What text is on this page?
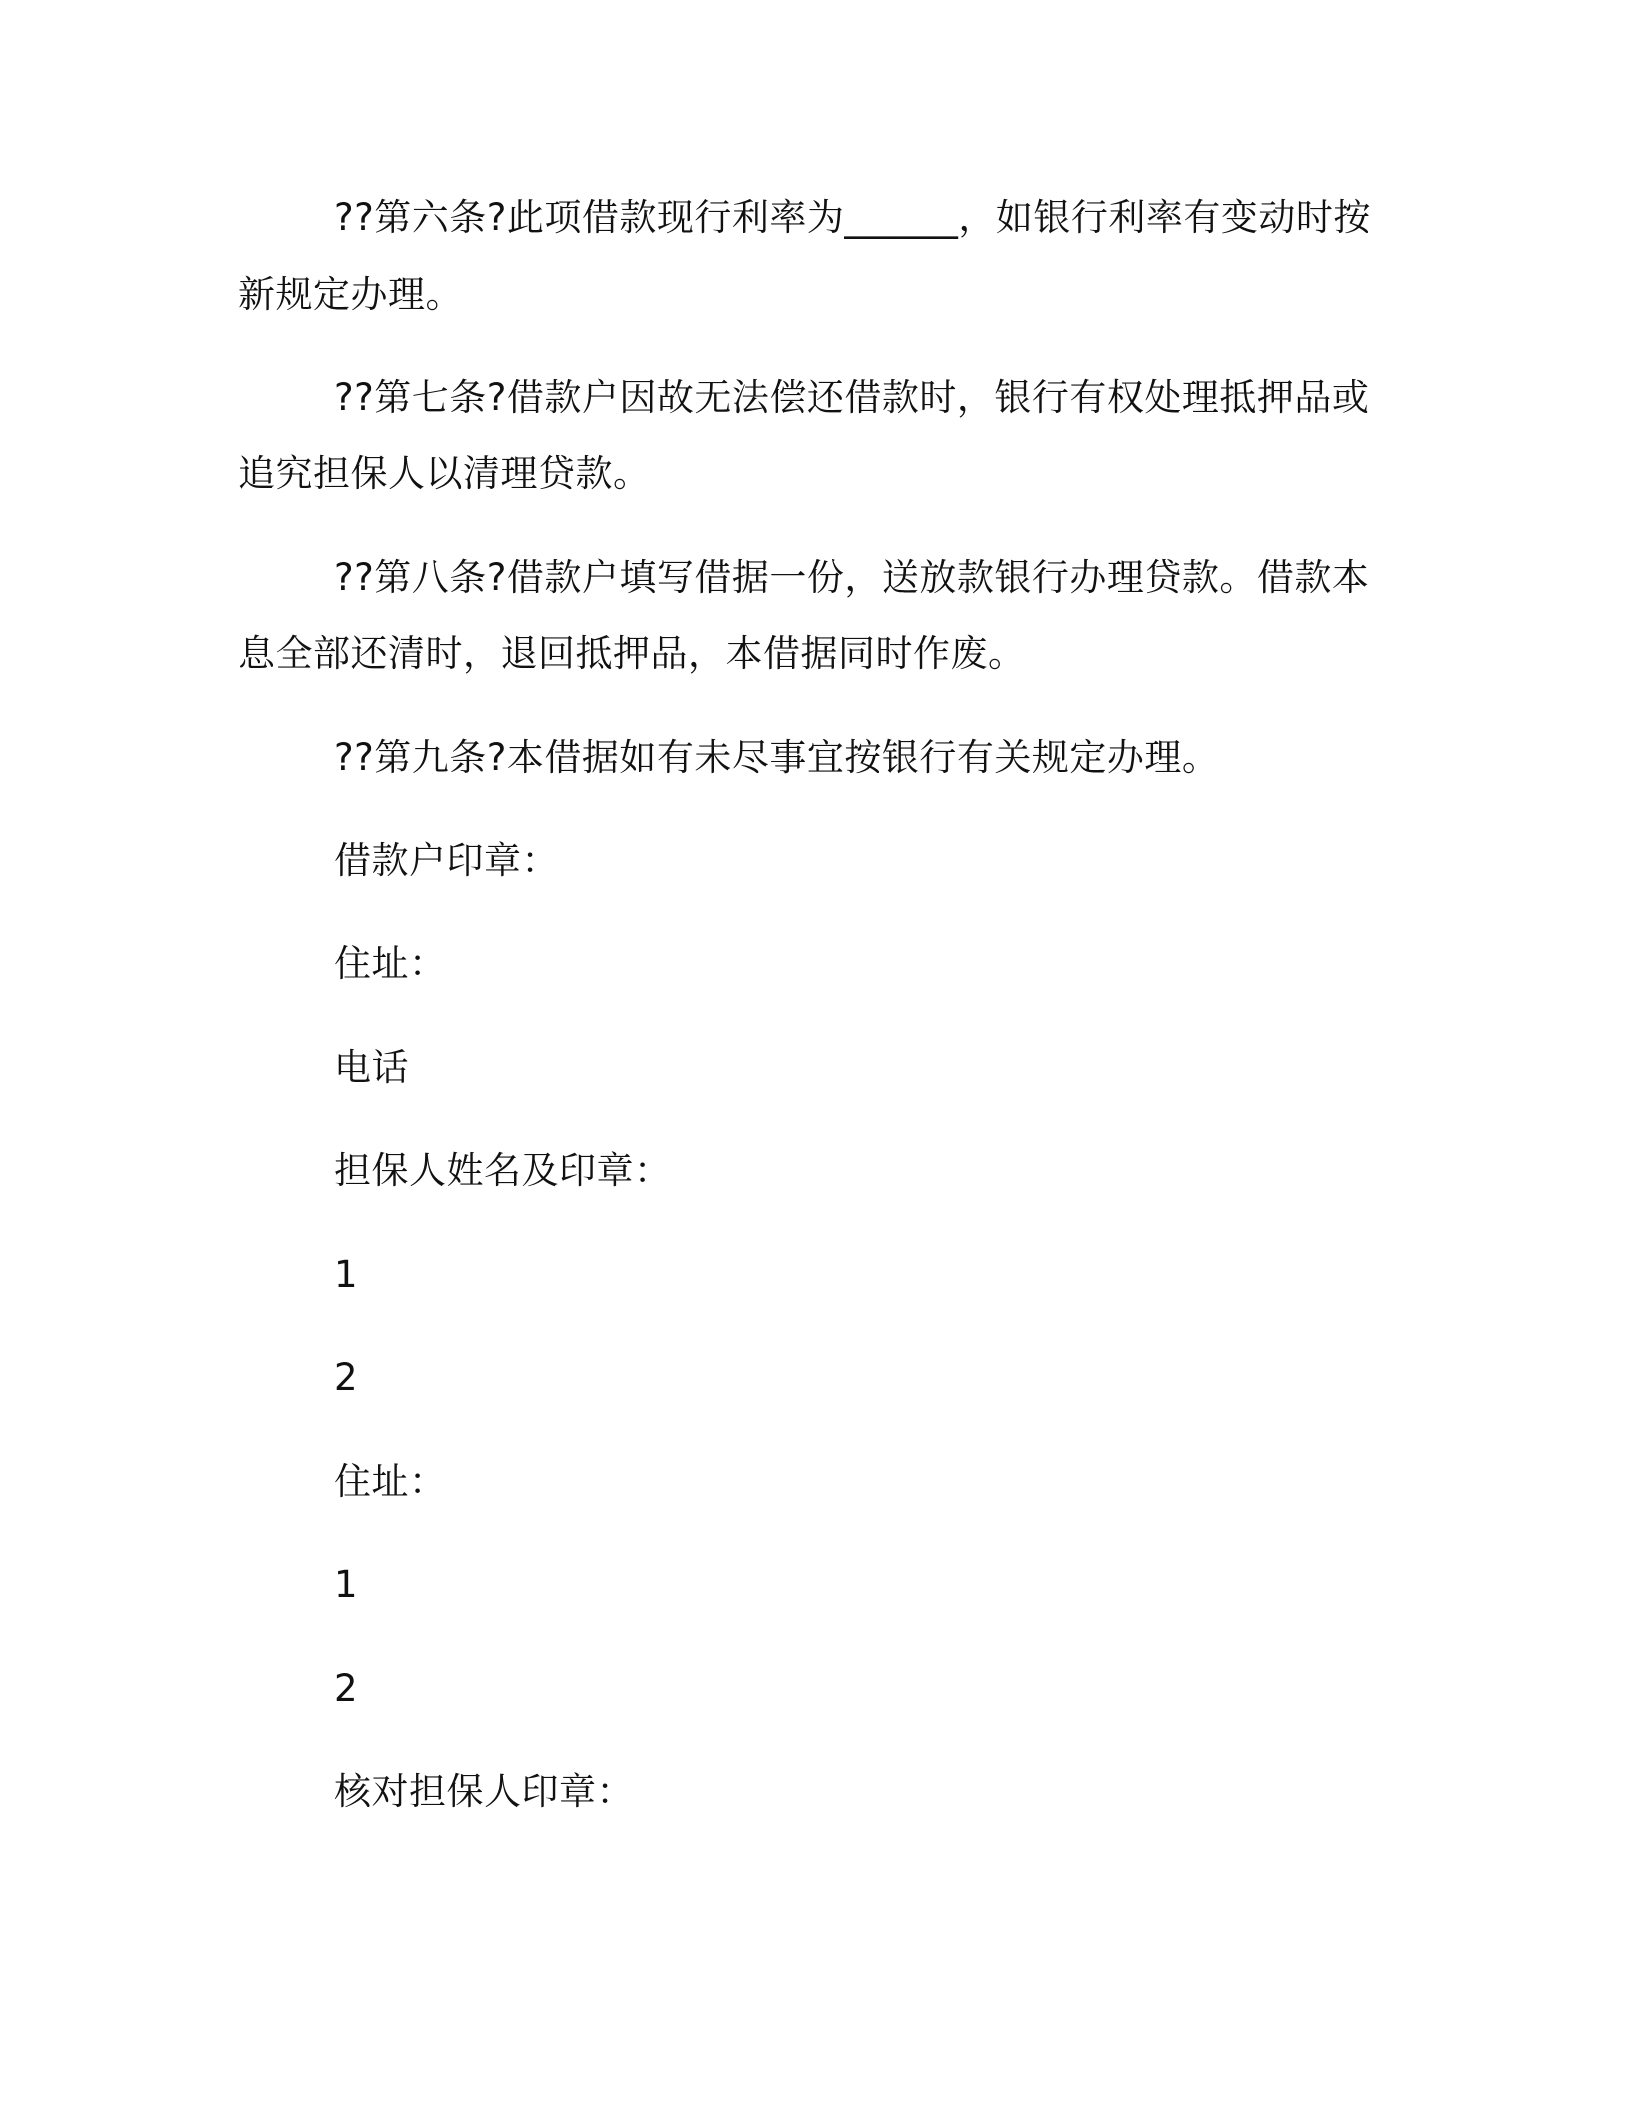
??第六条?此项借款现行利率为______，如银行利率有变动时按
新规定办理。
??第七条?借款户因故无法偿还借款时，银行有权处理抵押品或
追究担保人以清理贷款。
??第八条?借款户填写借据一份，送放款银行办理贷款。借款本
息全部还清时，退回抵押品，本借据同时作废。
??第九条?本借据如有未尽事宜按银行有关规定办理。
借款户印章：
住址：
电话
担保人姓名及印章：
1
2
住址：
1
2
核对担保人印章：
